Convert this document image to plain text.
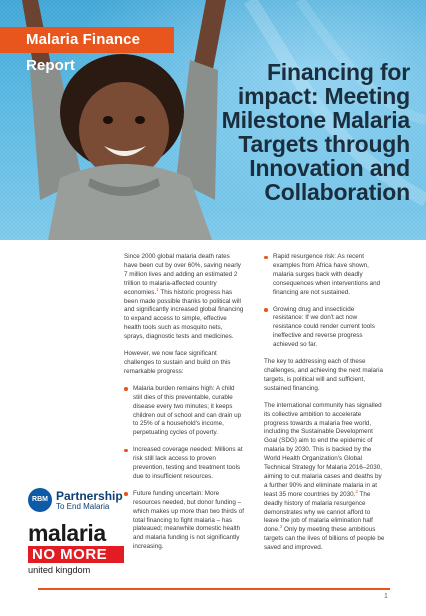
Malaria Finance Report	Financing for
impact: Meeting
Milestone Malaria
Targets through
Innovation and
Collaboration

Since 2000 global malaria death rates have been cut by over 60%, saving nearly 7 million lives and adding an estimated 2 trillion to malaria-affected country economies.$^1$ This historic progress has been made possible thanks to political will and significantly increased global financing to expand access to simple, effective health tools such as mosquito nets, sprays, diagnostic tests and medicines.

However, we now face significant challenges to sustain and build on this remarkable progress:

Malaria burden remains high: A child still dies of this preventable, curable disease every two minutes; it keeps children out of school and can drain up to 25% of a household's income, perpetuating cycles of poverty.
Increased coverage needed: Millions at risk still lack access to proven prevention, testing and treatment tools due to insufficient resources.
Future funding uncertain: More resources needed, but donor funding – which makes up more than two thirds of total financing to fight malaria – has plateaued; meanwhile domestic health and malaria funding is not significantly increasing.
Rapid resurgence risk: As recent examples from Africa have shown, malaria surges back with deadly consequences when interventions and financing are not sustained.
Growing drug and insecticide resistance: If we don't act now resistance could render current tools ineffective and reverse progress achieved so far.

The key to addressing each of these challenges, and achieving the next malaria targets, is political will and sufficient, sustained financing.

The international community has signalled its collective ambition to accelerate progress towards a malaria free world, including the Sustainable Development Goal (SDG) aim to end the epidemic of malaria by 2030. This is backed by the World Health Organization's Global Technical Strategy for Malaria 2016–2030, aiming to cut malaria cases and deaths by a further 90% and eliminate malaria in at least 35 more countries by 2030.$^2$ The deadly history of malaria resurgence demonstrates why we cannot afford to leave the job of malaria elimination half done.$^3$ Only by meeting these ambitious targets can the lives of billions of people be saved and improved.

RBM Partnership
To End Malaria
malaria
NO MORE
united kingdom
1
